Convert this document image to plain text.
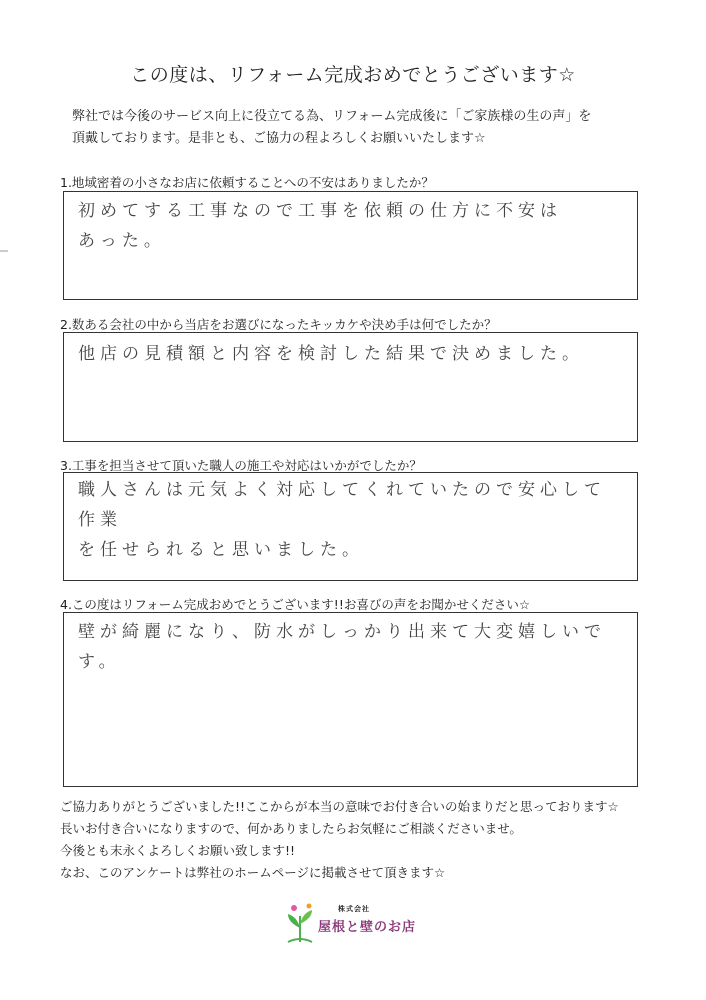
この度は、リフォーム完成おめでとうございます☆
弊社では今後のサービス向上に役立てる為、リフォーム完成後に「ご家族様の生の声」を
頂戴しております。是非とも、ご協力の程よろしくお願いいたします☆
1.地域密着の小さなお店に依頼することへの不安はありましたか？
初めてする工事なので工事を依頼の仕方に不安は
あった。
2.数ある会社の中から当店をお選びになったキッカケや決め手は何でしたか？
他店の見積額と内容を検討した結果で決めました。
3.工事を担当させて頂いた職人の施工や対応はいかがでしたか？
職人さんは元気よく対応してくれていたので安心して作業
を任せられると思いました。
4.この度はリフォーム完成おめでとうございます!!お喜びの声をお聞かせください☆
壁が綺麗になり、防水がしっかり出来て大変嬉しいです。
ご協力ありがとうございました!!ここからが本当の意味でお付き合いの始まりだと思っております☆
長いお付き合いになりますので、何かありましたらお気軽にご相談くださいませ。
今後とも末永くよろしくお願い致します!!
なお、このアンケートは弊社のホームページに掲載させて頂きます☆
株式会社
屋根と壁のお店
